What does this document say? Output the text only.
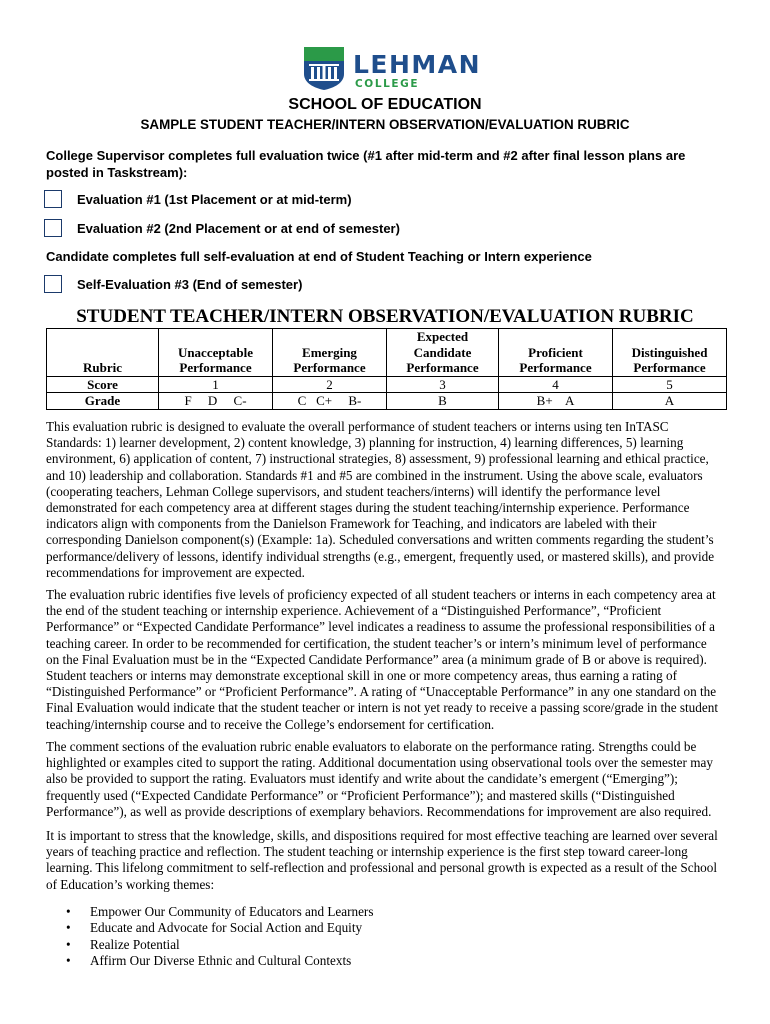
LEHMAN
COLLEGE
SCHOOL OF EDUCATION
SAMPLE STUDENT TEACHER/INTERN OBSERVATION/EVALUATION RUBRIC
College Supervisor completes full evaluation twice (#1 after mid-term and #2 after final lesson plans are posted in Taskstream):
Evaluation #1 (1st Placement or at mid-term)
Evaluation #2 (2nd Placement or at end of semester)
Candidate completes full self-evaluation at end of Student Teaching or Intern experience
Self-Evaluation #3 (End of semester)
STUDENT TEACHER/INTERN OBSERVATION/EVALUATION RUBRIC
Rubric	Unacceptable Performance	Emerging Performance	Expected Candidate Performance	Proficient Performance	Distinguished Performance
Score	1	2	3	4	5
Grade	F     D     C-	C   C+     B-	B	B+    A	A

This evaluation rubric is designed to evaluate the overall performance of student teachers or interns using ten InTASC Standards: 1) learner development, 2) content knowledge, 3) planning for instruction, 4) learning differences, 5) learning environment, 6) application of content, 7) instructional strategies, 8) assessment, 9) professional learning and ethical practice, and 10) leadership and collaboration. Standards #1 and #5 are combined in the instrument. Using the above scale, evaluators (cooperating teachers, Lehman College supervisors, and student teachers/interns) will identify the performance level demonstrated for each competency area at different stages during the student teaching/internship experience. Performance indicators align with components from the Danielson Framework for Teaching, and indicators are labeled with their corresponding Danielson component(s) (Example: 1a). Scheduled conversations and written comments regarding the student’s performance/delivery of lessons, identify individual strengths (e.g., emergent, frequently used, or mastered skills), and provide recommendations for improvement are expected.

The evaluation rubric identifies five levels of proficiency expected of all student teachers or interns in each competency area at the end of the student teaching or internship experience. Achievement of a “Distinguished Performance”, “Proficient Performance” or “Expected Candidate Performance” level indicates a readiness to assume the professional responsibilities of a teaching career. In order to be recommended for certification, the student teacher’s or intern’s minimum level of performance on the Final Evaluation must be in the “Expected Candidate Performance” area (a minimum grade of B or above is required). Student teachers or interns may demonstrate exceptional skill in one or more competency areas, thus earning a rating of “Distinguished Performance” or “Proficient Performance”. A rating of “Unacceptable Performance” in any one standard on the Final Evaluation would indicate that the student teacher or intern is not yet ready to receive a passing score/grade in the student teaching/internship course and to receive the College’s endorsement for certification.

The comment sections of the evaluation rubric enable evaluators to elaborate on the performance rating. Strengths could be highlighted or examples cited to support the rating. Additional documentation using observational tools over the semester may also be provided to support the rating. Evaluators must identify and write about the candidate’s emergent (“Emerging”); frequently used (“Expected Candidate Performance” or “Proficient Performance”); and mastered skills (“Distinguished Performance”), as well as provide descriptions of exemplary behaviors. Recommendations for improvement are also required.

It is important to stress that the knowledge, skills, and dispositions required for most effective teaching are learned over several years of teaching practice and reflection. The student teaching or internship experience is the first step toward career-long learning. This lifelong commitment to self-reflection and professional and personal growth is expected as a result of the School of Education’s working themes:

• Empower Our Community of Educators and Learners
• Educate and Advocate for Social Action and Equity
• Realize Potential
• Affirm Our Diverse Ethnic and Cultural Contexts
